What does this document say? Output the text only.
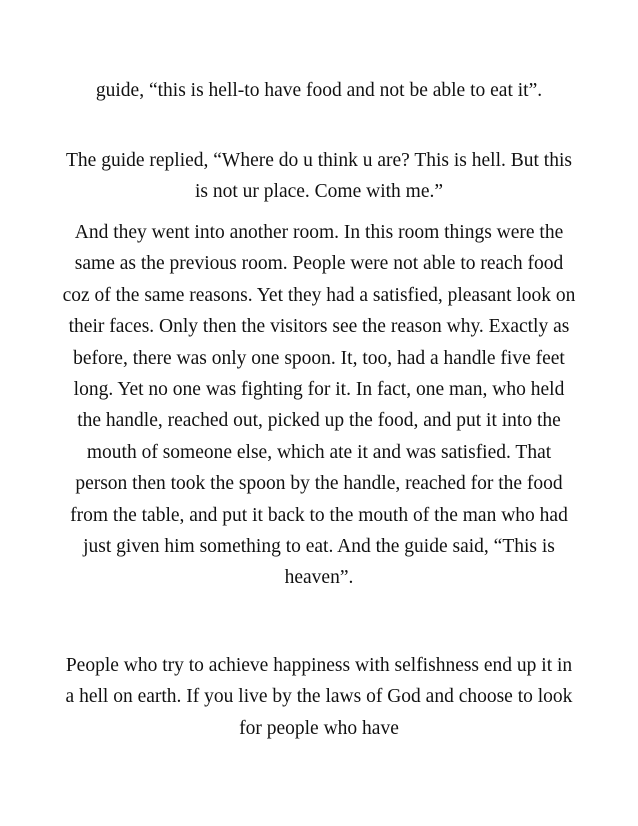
guide, “this is hell-to have food and not be able to eat it”.

The guide replied, “Where do u think u are? This is hell. But this is not ur place. Come with me.”

And they went into another room. In this room things were the same as the previous room. People were not able to reach food coz of the same reasons. Yet they had a satisfied, pleasant look on their faces. Only then the visitors see the reason why. Exactly as before, there was only one spoon. It, too, had a handle five feet long. Yet no one was fighting for it. In fact, one man, who held the handle, reached out, picked up the food, and put it into the mouth of someone else, which ate it and was satisfied. That person then took the spoon by the handle, reached for the food from the table, and put it back to the mouth of the man who had just given him something to eat. And the guide said, “This is heaven”.

People who try to achieve happiness with selfishness end up it in a hell on earth. If you live by the laws of God and choose to look for people who have
